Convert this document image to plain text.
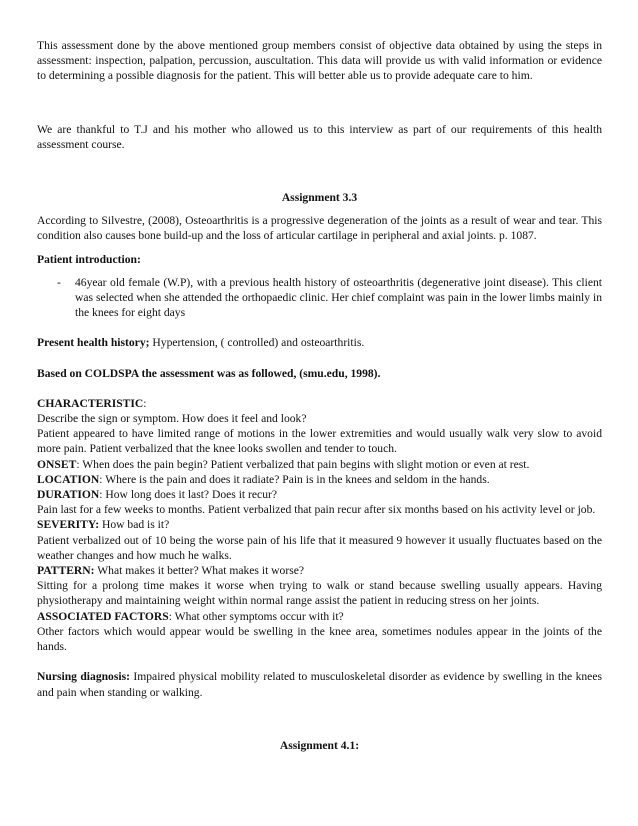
This assessment done by the above mentioned group members consist of objective data obtained by using the steps in assessment: inspection, palpation, percussion, auscultation. This data will provide us with valid information or evidence to determining a possible diagnosis for the patient. This will better able us to provide adequate care to him.

We are thankful to T.J and his mother who allowed us to this interview as part of our requirements of this health assessment course.

Assignment 3.3

According to Silvestre, (2008), Osteoarthritis is a progressive degeneration of the joints as a result of wear and tear. This condition also causes bone build-up and the loss of articular cartilage in peripheral and axial joints. p. 1087.

Patient introduction:

-	46year old female (W.P), with a previous health history of osteoarthritis (degenerative joint disease). This client was selected when she attended the orthopaedic clinic. Her chief complaint was pain in the lower limbs mainly in the knees for eight days

Present health history; Hypertension, ( controlled) and osteoarthritis.

Based on COLDSPA the assessment was as followed, (smu.edu, 1998).

CHARACTERISTIC:

Describe the sign or symptom. How does it feel and look?

Patient appeared to have limited range of motions in the lower extremities and would usually walk very slow to avoid more pain. Patient verbalized that the knee looks swollen and tender to touch.

ONSET: When does the pain begin? Patient verbalized that pain begins with slight motion or even at rest.

LOCATION: Where is the pain and does it radiate? Pain is in the knees and seldom in the hands.

DURATION: How long does it last? Does it recur?

Pain last for a few weeks to months. Patient verbalized that pain recur after six months based on his activity level or job.

SEVERITY: How bad is it?

Patient verbalized out of 10 being the worse pain of his life that it measured 9 however it usually fluctuates based on the weather changes and how much he walks.

PATTERN: What makes it better? What makes it worse?

Sitting for a prolong time makes it worse when trying to walk or stand because swelling usually appears. Having physiotherapy and maintaining weight within normal range assist the patient in reducing stress on her joints.

ASSOCIATED FACTORS: What other symptoms occur with it?

Other factors which would appear would be swelling in the knee area, sometimes nodules appear in the joints of the hands.

Nursing diagnosis: Impaired physical mobility related to musculoskeletal disorder as evidence by swelling in the knees and pain when standing or walking.

Assignment 4.1:
